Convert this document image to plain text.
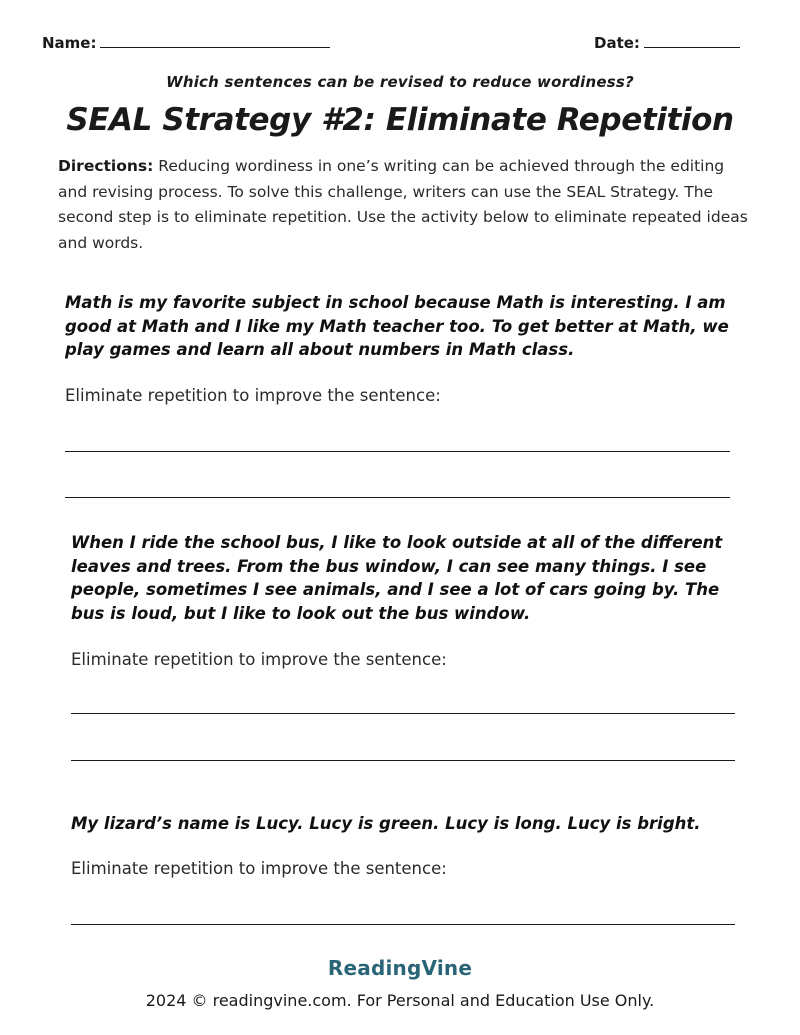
Name:	Date:
Which sentences can be revised to reduce wordiness?
SEAL Strategy #2: Eliminate Repetition
Directions: Reducing wordiness in one’s writing can be achieved through the editing and revising process. To solve this challenge, writers can use the SEAL Strategy. The second step is to eliminate repetition. Use the activity below to eliminate repeated ideas and words.
Math is my favorite subject in school because Math is interesting. I am good at Math and I like my Math teacher too. To get better at Math, we play games and learn all about numbers in Math class.
Eliminate repetition to improve the sentence:
When I ride the school bus, I like to look outside at all of the different leaves and trees. From the bus window, I can see many things. I see people, sometimes I see animals, and I see a lot of cars going by. The bus is loud, but I like to look out the bus window.
Eliminate repetition to improve the sentence:
My lizard’s name is Lucy. Lucy is green. Lucy is long. Lucy is bright.
Eliminate repetition to improve the sentence:
ReadingVine
2024 © readingvine.com. For Personal and Education Use Only.
